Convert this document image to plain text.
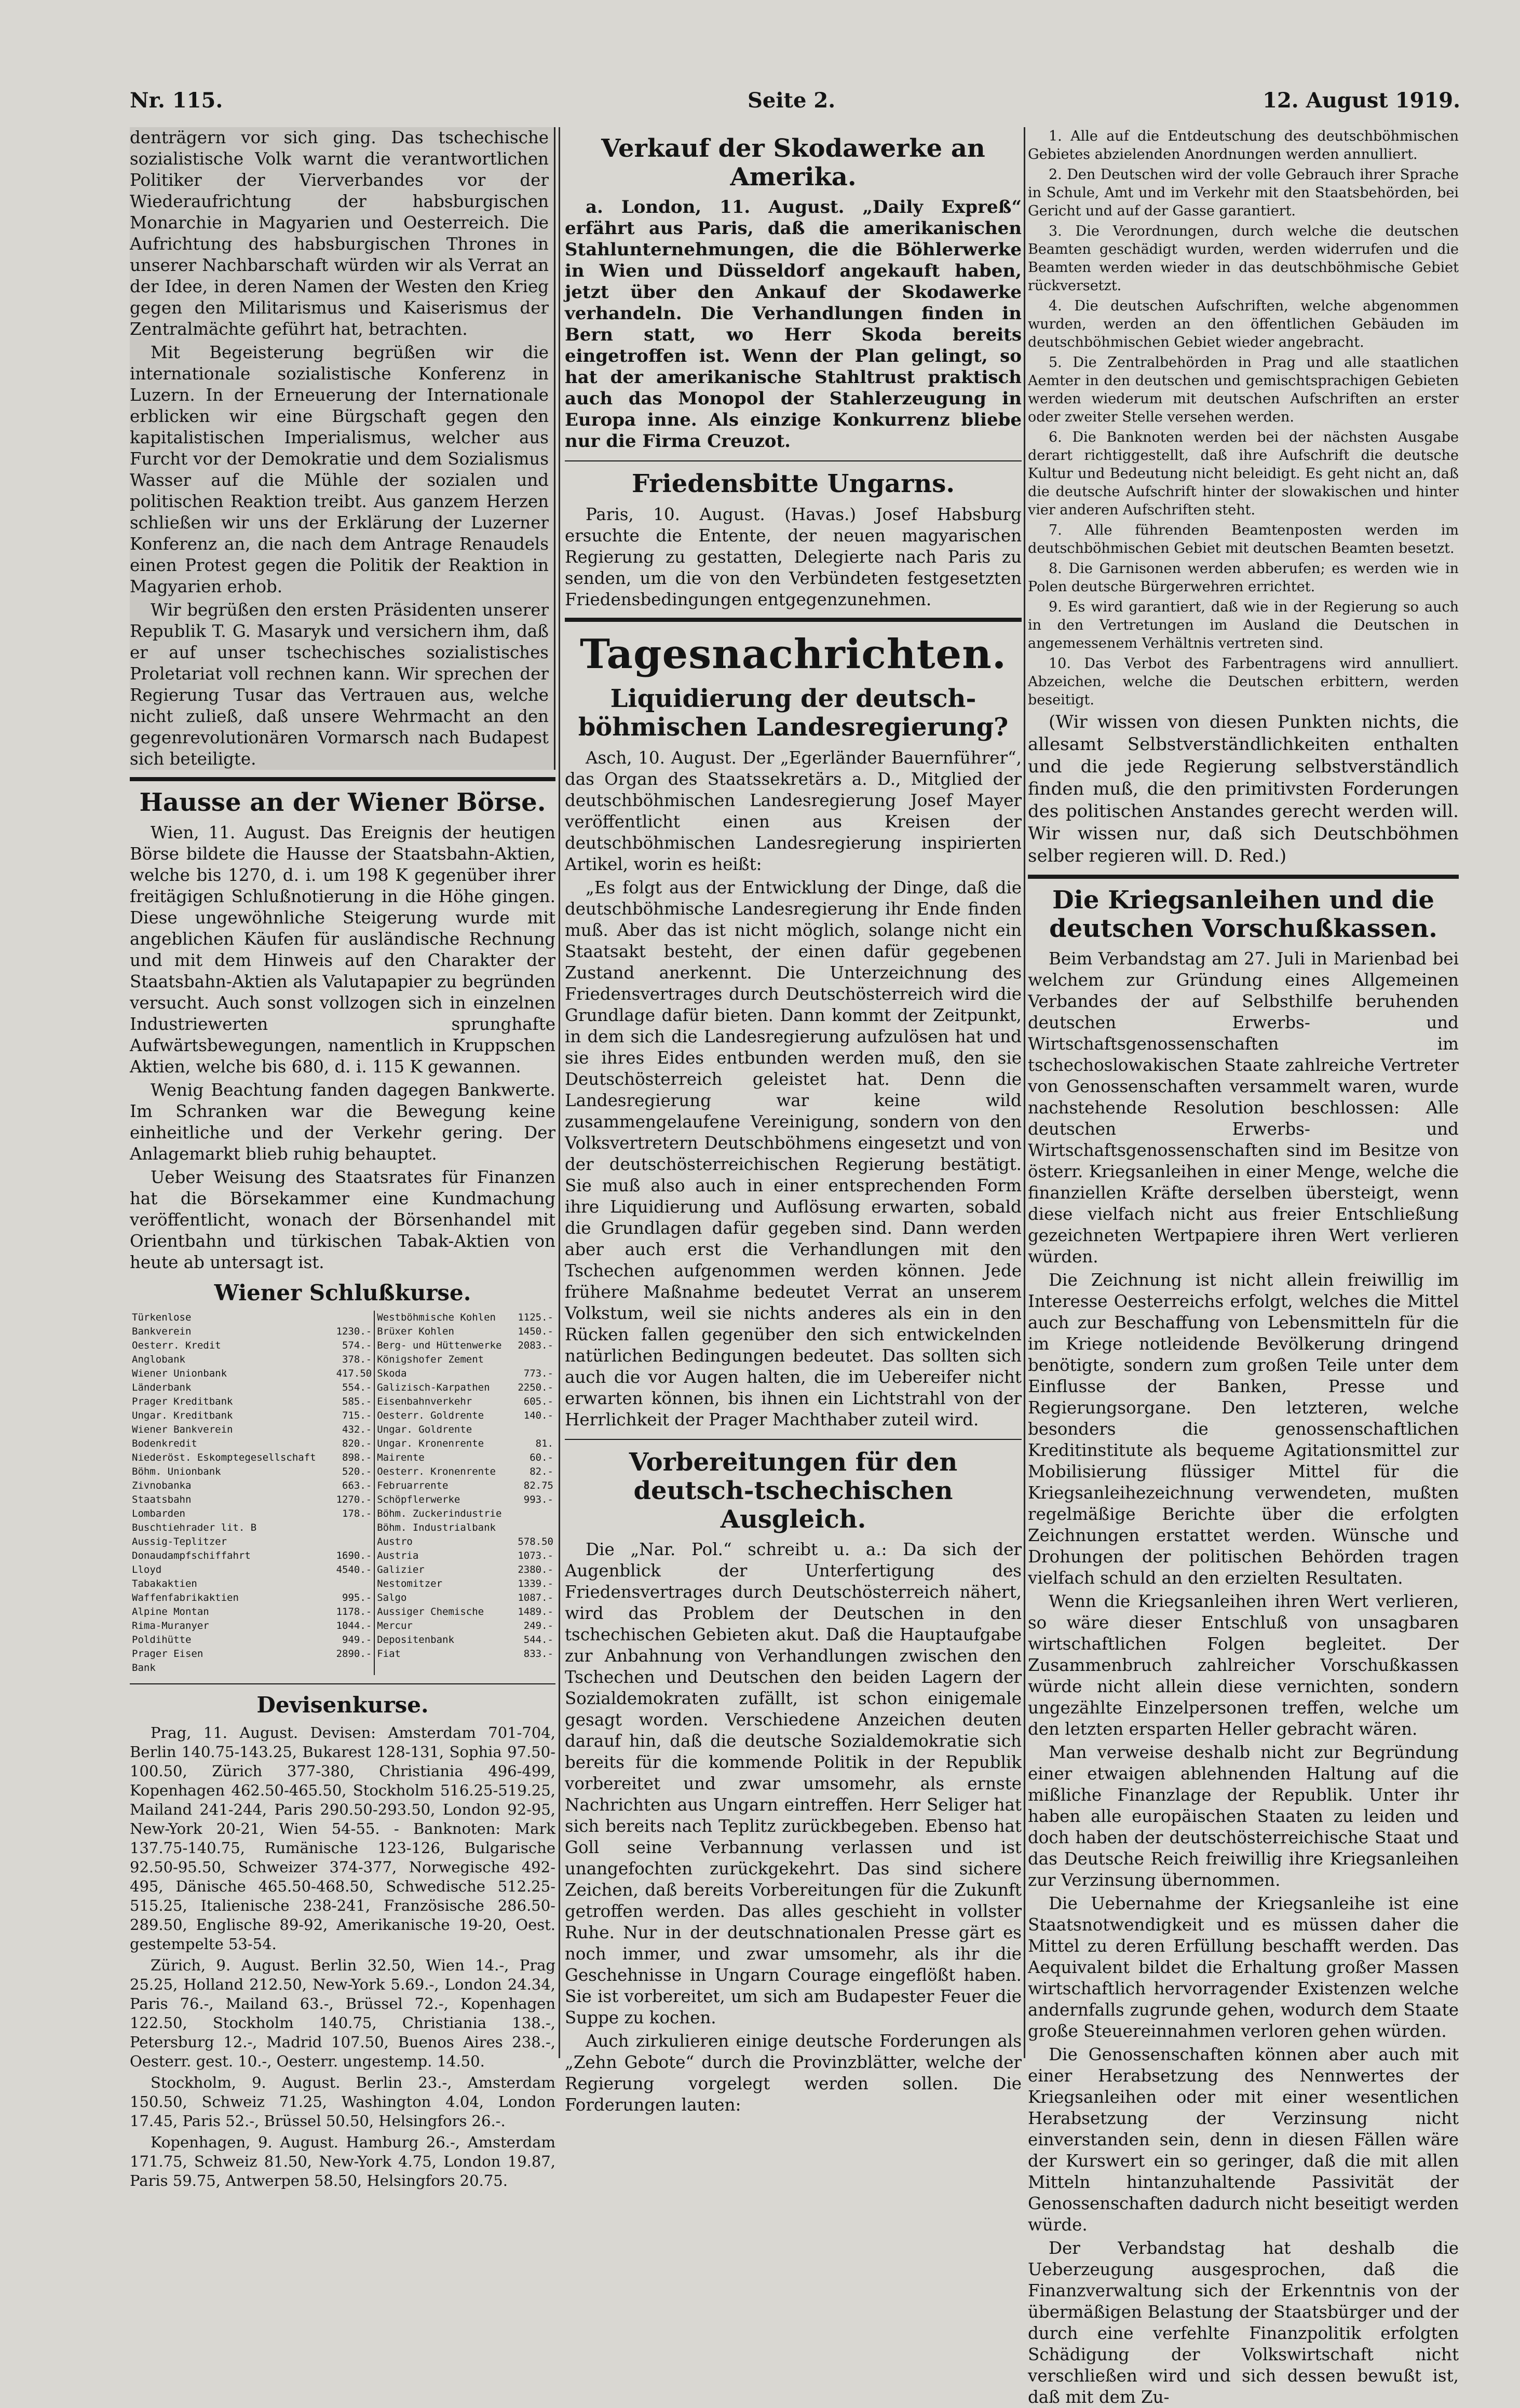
Nr. 115.	Seite 2.	12. August 1919.

denträgern vor sich ging. Das tschechische sozialistische Volk warnt die verantwortlichen Politiker der Vierverbandes vor der Wiederaufrichtung der habsburgischen Monarchie in Magyarien und Oesterreich. Die Aufrichtung des habsburgischen Thrones in unserer Nachbarschaft würden wir als Verrat an der Idee, in deren Namen der Westen den Krieg gegen den Militarismus und Kaiserismus der Zentralmächte geführt hat, betrachten.

Mit Begeisterung begrüßen wir die internationale sozialistische Konferenz in Luzern. In der Erneuerung der Internationale erblicken wir eine Bürgschaft gegen den kapitalistischen Imperialismus, welcher aus Furcht vor der Demokratie und dem Sozialismus Wasser auf die Mühle der sozialen und politischen Reaktion treibt. Aus ganzem Herzen schließen wir uns der Erklärung der Luzerner Konferenz an, die nach dem Antrage Renaudels einen Protest gegen die Politik der Reaktion in Magyarien erhob.

Wir begrüßen den ersten Präsidenten unserer Republik T. G. Masaryk und versichern ihm, daß er auf unser tschechisches sozialistisches Proletariat voll rechnen kann. Wir sprechen der Regierung Tusar das Vertrauen aus, welche nicht zuließ, daß unsere Wehrmacht an den gegenrevolutionären Vormarsch nach Budapest sich beteiligte.

Hausse an der Wiener Börse.

Wien, 11. August. Das Ereignis der heutigen Börse bildete die Hausse der Staatsbahn-Aktien, welche bis 1270, d. i. um 198 K gegenüber ihrer freitägigen Schlußnotierung in die Höhe gingen. Diese ungewöhnliche Steigerung wurde mit angeblichen Käufen für ausländische Rechnung und mit dem Hinweis auf den Charakter der Staatsbahn-Aktien als Valutapapier zu begründen versucht. Auch sonst vollzogen sich in einzelnen Industriewerten sprunghafte Aufwärtsbewegungen, namentlich in Kruppschen Aktien, welche bis 680, d. i. 115 K gewannen.

Wenig Beachtung fanden dagegen Bankwerte. Im Schranken war die Bewegung keine einheitliche und der Verkehr gering. Der Anlagemarkt blieb ruhig behauptet.

Ueber Weisung des Staatsrates für Finanzen hat die Börsekammer eine Kundmachung veröffentlicht, wonach der Börsenhandel mit Orientbahn und türkischen Tabak-Aktien von heute ab untersagt ist.

Wiener Schlußkurse.
Türkenlose		Westböhmische Kohlen	1125.-
Bankverein	1230.-	Brüxer Kohlen	1450.-
Oesterr. Kredit	574.-	Berg- und Hüttenwerke	2083.-
Anglobank	378.-	Königshofer Zement	
Wiener Unionbank	417.50	Skoda	773.-
Länderbank	554.-	Galizisch-Karpathen	2250.-
Prager Kreditbank	585.-	Eisenbahnverkehr	605.-
Ungar. Kreditbank	715.-	Oesterr. Goldrente	140.-
Wiener Bankverein	432.-	Ungar. Goldrente	
Bodenkredit	820.-	Ungar. Kronenrente	81.
Niederöst. Eskomptegesellschaft	898.-	Mairente	60.-
Böhm. Unionbank	520.-	Oesterr. Kronenrente	82.-
Zivnobanka	663.-	Februarrente	82.75
Staatsbahn	1270.-	Schöpflerwerke	993.-
Lombarden	178.-	Böhm. Zuckerindustrie	
Buschtiehrader lit. B		Böhm. Industrialbank	
Aussig-Teplitzer		Austro	578.50
Donaudampfschiffahrt	1690.-	Austria	1073.-
Lloyd	4540.-	Galizier	2380.-
Tabakaktien		Nestomitzer	1339.-
Waffenfabrikaktien	995.-	Salgo	1087.-
Alpine Montan	1178.-	Aussiger Chemische	1489.-
Rima-Muranyer	1044.-	Mercur	249.-
Poldihütte	949.-	Depositenbank	544.-
Prager Eisen	2890.-	Fiat	833.-
Bank			
Devisenkurse.

Prag, 11. August. Devisen: Amsterdam 701-704, Berlin 140.75-143.25, Bukarest 128-131, Sophia 97.50-100.50, Zürich 377-380, Christiania 496-499, Kopenhagen 462.50-465.50, Stockholm 516.25-519.25, Mailand 241-244, Paris 290.50-293.50, London 92-95, New-York 20-21, Wien 54-55. - Banknoten: Mark 137.75-140.75, Rumänische 123-126, Bulgarische 92.50-95.50, Schweizer 374-377, Norwegische 492-495, Dänische 465.50-468.50, Schwedische 512.25-515.25, Italienische 238-241, Französische 286.50-289.50, Englische 89-92, Amerikanische 19-20, Oest. gestempelte 53-54.

Zürich, 9. August. Berlin 32.50, Wien 14.-, Prag 25.25, Holland 212.50, New-York 5.69.-, London 24.34, Paris 76.-, Mailand 63.-, Brüssel 72.-, Kopenhagen 122.50, Stockholm 140.75, Christiania 138.-, Petersburg 12.-, Madrid 107.50, Buenos Aires 238.-, Oesterr. gest. 10.-, Oesterr. ungestemp. 14.50.

Stockholm, 9. August. Berlin 23.-, Amsterdam 150.50, Schweiz 71.25, Washington 4.04, London 17.45, Paris 52.-, Brüssel 50.50, Helsingfors 26.-.

Kopenhagen, 9. August. Hamburg 26.-, Amsterdam 171.75, Schweiz 81.50, New-York 4.75, London 19.87, Paris 59.75, Antwerpen 58.50, Helsingfors 20.75.

Verkauf der Skodawerke an Amerika.

a. London, 11. August. „Daily Expreß“ erfährt aus Paris, daß die amerikanischen Stahlunternehmungen, die die Böhlerwerke in Wien und Düsseldorf angekauft haben, jetzt über den Ankauf der Skodawerke verhandeln. Die Verhandlungen finden in Bern statt, wo Herr Skoda bereits eingetroffen ist. Wenn der Plan gelingt, so hat der amerikanische Stahltrust praktisch auch das Monopol der Stahlerzeugung in Europa inne. Als einzige Konkurrenz bliebe nur die Firma Creuzot.

Friedensbitte Ungarns.

Paris, 10. August. (Havas.) Josef Habsburg ersuchte die Entente, der neuen magyarischen Regierung zu gestatten, Delegierte nach Paris zu senden, um die von den Verbündeten festgesetzten Friedensbedingungen entgegenzunehmen.

Tagesnachrichten.
Liquidierung der deutsch-böhmischen Landesregierung?

Asch, 10. August. Der „Egerländer Bauernführer“, das Organ des Staatssekretärs a. D., Mitglied der deutschböhmischen Landesregierung Josef Mayer veröffentlicht einen aus Kreisen der deutschböhmischen Landesregierung inspirierten Artikel, worin es heißt:

„Es folgt aus der Entwicklung der Dinge, daß die deutschböhmische Landesregierung ihr Ende finden muß. Aber das ist nicht möglich, solange nicht ein Staatsakt besteht, der einen dafür gegebenen Zustand anerkennt. Die Unterzeichnung des Friedensvertrages durch Deutschösterreich wird die Grundlage dafür bieten. Dann kommt der Zeitpunkt, in dem sich die Landesregierung aufzulösen hat und sie ihres Eides entbunden werden muß, den sie Deutschösterreich geleistet hat. Denn die Landesregierung war keine wild zusammengelaufene Vereinigung, sondern von den Volksvertretern Deutschböhmens eingesetzt und von der deutschösterreichischen Regierung bestätigt. Sie muß also auch in einer entsprechenden Form ihre Liquidierung und Auflösung erwarten, sobald die Grundlagen dafür gegeben sind. Dann werden aber auch erst die Verhandlungen mit den Tschechen aufgenommen werden können. Jede frühere Maßnahme bedeutet Verrat an unserem Volkstum, weil sie nichts anderes als ein in den Rücken fallen gegenüber den sich entwickelnden natürlichen Bedingungen bedeutet. Das sollten sich auch die vor Augen halten, die im Uebereifer nicht erwarten können, bis ihnen ein Lichtstrahl von der Herrlichkeit der Prager Machthaber zuteil wird.

Vorbereitungen für den deutsch-tschechischen Ausgleich.

Die „Nar. Pol.“ schreibt u. a.: Da sich der Augenblick der Unterfertigung des Friedensvertrages durch Deutschösterreich nähert, wird das Problem der Deutschen in den tschechischen Gebieten akut. Daß die Hauptaufgabe zur Anbahnung von Verhandlungen zwischen den Tschechen und Deutschen den beiden Lagern der Sozialdemokraten zufällt, ist schon einigemale gesagt worden. Verschiedene Anzeichen deuten darauf hin, daß die deutsche Sozialdemokratie sich bereits für die kommende Politik in der Republik vorbereitet und zwar umsomehr, als ernste Nachrichten aus Ungarn eintreffen. Herr Seliger hat sich bereits nach Teplitz zurückbegeben. Ebenso hat Goll seine Verbannung verlassen und ist unangefochten zurückgekehrt. Das sind sichere Zeichen, daß bereits Vorbereitungen für die Zukunft getroffen werden. Das alles geschieht in vollster Ruhe. Nur in der deutschnationalen Presse gärt es noch immer, und zwar umsomehr, als ihr die Geschehnisse in Ungarn Courage eingeflößt haben. Sie ist vorbereitet, um sich am Budapester Feuer die Suppe zu kochen.

Auch zirkulieren einige deutsche Forderungen als „Zehn Gebote“ durch die Provinzblätter, welche der Regierung vorgelegt werden sollen. Die Forderungen lauten:

1. Alle auf die Entdeutschung des deutschböhmischen Gebietes abzielenden Anordnungen werden annulliert.

2. Den Deutschen wird der volle Gebrauch ihrer Sprache in Schule, Amt und im Verkehr mit den Staatsbehörden, bei Gericht und auf der Gasse garantiert.

3. Die Verordnungen, durch welche die deutschen Beamten geschädigt wurden, werden widerrufen und die Beamten werden wieder in das deutschböhmische Gebiet rückversetzt.

4. Die deutschen Aufschriften, welche abgenommen wurden, werden an den öffentlichen Gebäuden im deutschböhmischen Gebiet wieder angebracht.

5. Die Zentralbehörden in Prag und alle staatlichen Aemter in den deutschen und gemischtsprachigen Gebieten werden wiederum mit deutschen Aufschriften an erster oder zweiter Stelle versehen werden.

6. Die Banknoten werden bei der nächsten Ausgabe derart richtiggestellt, daß ihre Aufschrift die deutsche Kultur und Bedeutung nicht beleidigt. Es geht nicht an, daß die deutsche Aufschrift hinter der slowakischen und hinter vier anderen Aufschriften steht.

7. Alle führenden Beamtenposten werden im deutschböhmischen Gebiet mit deutschen Beamten besetzt.

8. Die Garnisonen werden abberufen; es werden wie in Polen deutsche Bürgerwehren errichtet.

9. Es wird garantiert, daß wie in der Regierung so auch in den Vertretungen im Ausland die Deutschen in angemessenem Verhältnis vertreten sind.

10. Das Verbot des Farbentragens wird annulliert. Abzeichen, welche die Deutschen erbittern, werden beseitigt.

(Wir wissen von diesen Punkten nichts, die allesamt Selbstverständlichkeiten enthalten und die jede Regierung selbstverständlich finden muß, die den primitivsten Forderungen des politischen Anstandes gerecht werden will. Wir wissen nur, daß sich Deutschböhmen selber regieren will. D. Red.)

Die Kriegsanleihen und die deutschen Vorschußkassen.

Beim Verbandstag am 27. Juli in Marienbad bei welchem zur Gründung eines Allgemeinen Verbandes der auf Selbsthilfe beruhenden deutschen Erwerbs- und Wirtschaftsgenossenschaften im tschechoslowakischen Staate zahlreiche Vertreter von Genossenschaften versammelt waren, wurde nachstehende Resolution beschlossen: Alle deutschen Erwerbs- und Wirtschaftsgenossenschaften sind im Besitze von österr. Kriegsanleihen in einer Menge, welche die finanziellen Kräfte derselben übersteigt, wenn diese vielfach nicht aus freier Entschließung gezeichneten Wertpapiere ihren Wert verlieren würden.

Die Zeichnung ist nicht allein freiwillig im Interesse Oesterreichs erfolgt, welches die Mittel auch zur Beschaffung von Lebensmitteln für die im Kriege notleidende Bevölkerung dringend benötigte, sondern zum großen Teile unter dem Einflusse der Banken, Presse und Regierungsorgane. Den letzteren, welche besonders die genossenschaftlichen Kreditinstitute als bequeme Agitationsmittel zur Mobilisierung flüssiger Mittel für die Kriegsanleihezeichnung verwendeten, mußten regelmäßige Berichte über die erfolgten Zeichnungen erstattet werden. Wünsche und Drohungen der politischen Behörden tragen vielfach schuld an den erzielten Resultaten.

Wenn die Kriegsanleihen ihren Wert verlieren, so wäre dieser Entschluß von unsagbaren wirtschaftlichen Folgen begleitet. Der Zusammenbruch zahlreicher Vorschußkassen würde nicht allein diese vernichten, sondern ungezählte Einzelpersonen treffen, welche um den letzten ersparten Heller gebracht wären.

Man verweise deshalb nicht zur Begründung einer etwaigen ablehnenden Haltung auf die mißliche Finanzlage der Republik. Unter ihr haben alle europäischen Staaten zu leiden und doch haben der deutschösterreichische Staat und das Deutsche Reich freiwillig ihre Kriegsanleihen zur Verzinsung übernommen.

Die Uebernahme der Kriegsanleihe ist eine Staatsnotwendigkeit und es müssen daher die Mittel zu deren Erfüllung beschafft werden. Das Aequivalent bildet die Erhaltung großer Massen wirtschaftlich hervorragender Existenzen welche andernfalls zugrunde gehen, wodurch dem Staate große Steuereinnahmen verloren gehen würden.

Die Genossenschaften können aber auch mit einer Herabsetzung des Nennwertes der Kriegsanleihen oder mit einer wesentlichen Herabsetzung der Verzinsung nicht einverstanden sein, denn in diesen Fällen wäre der Kurswert ein so geringer, daß die mit allen Mitteln hintanzuhaltende Passivität der Genossenschaften dadurch nicht beseitigt werden würde.

Der Verbandstag hat deshalb die Ueberzeugung ausgesprochen, daß die Finanzverwaltung sich der Erkenntnis von der übermäßigen Belastung der Staatsbürger und der durch eine verfehlte Finanzpolitik erfolgten Schädigung der Volkswirtschaft nicht verschließen wird und sich dessen bewußt ist, daß mit dem Zu-
